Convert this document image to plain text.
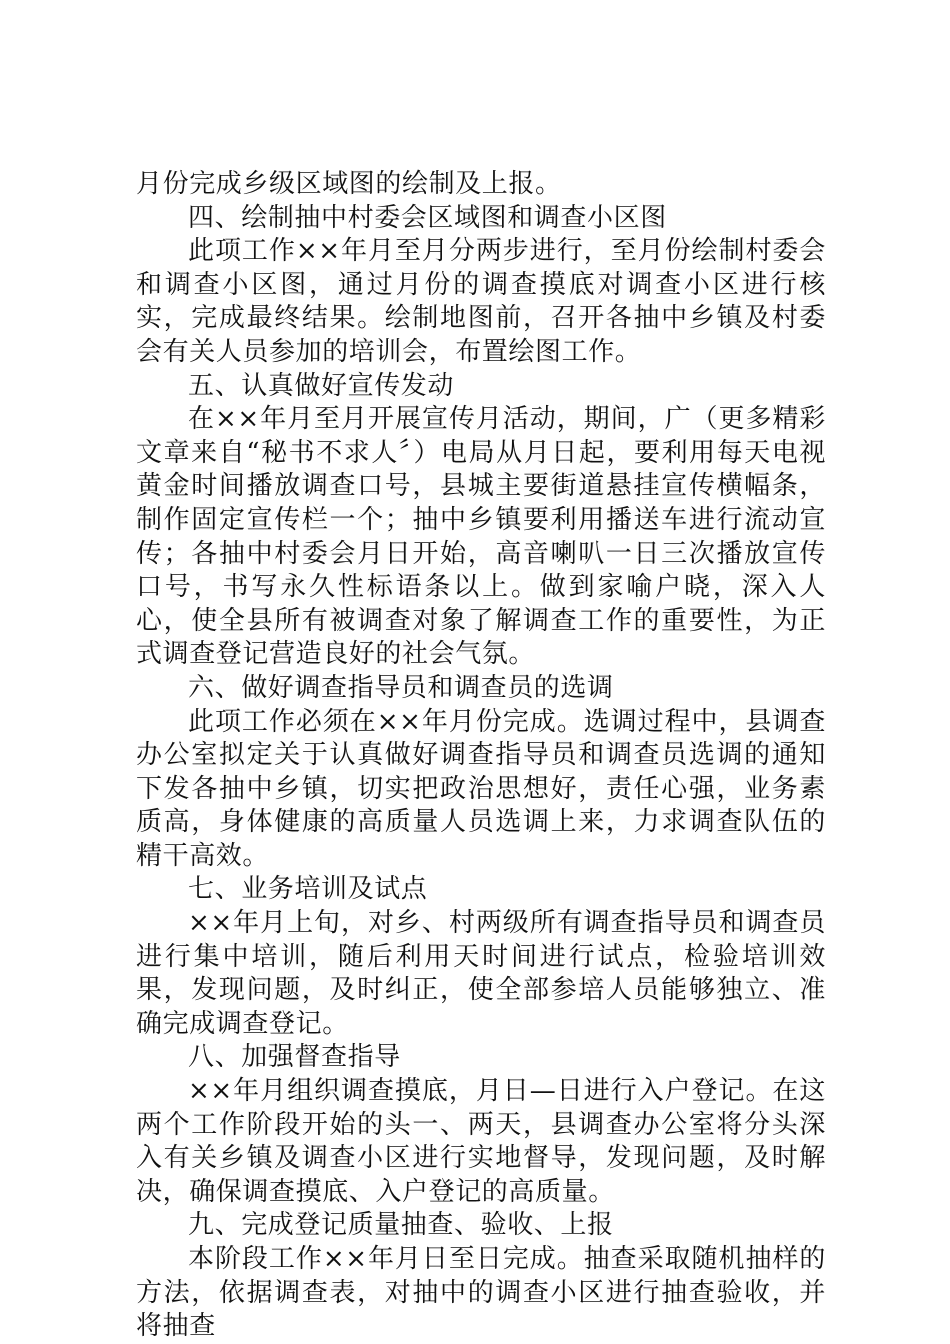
月份完成乡级区域图的绘制及上报。

四、绘制抽中村委会区域图和调查小区图

此项工作××年月至月分两步进行，至月份绘制村委会和调查小区图，通过月份的调查摸底对调查小区进行核实，完成最终结果。绘制地图前，召开各抽中乡镇及村委会有关人员参加的培训会，布置绘图工作。

五、认真做好宣传发动

在××年月至月开展宣传月活动，期间，广（更多精彩文章来自“秘书不求人〞）电局从月日起，要利用每天电视黄金时间播放调查口号，县城主要街道悬挂宣传横幅条，制作固定宣传栏一个；抽中乡镇要利用播送车进行流动宣传；各抽中村委会月日开始，高音喇叭一日三次播放宣传口号，书写永久性标语条以上。做到家喻户晓，深入人心，使全县所有被调查对象了解调查工作的重要性，为正式调查登记营造良好的社会气氛。

六、做好调查指导员和调查员的选调

此项工作必须在××年月份完成。选调过程中，县调查办公室拟定关于认真做好调查指导员和调查员选调的通知下发各抽中乡镇，切实把政治思想好，责任心强，业务素质高，身体健康的高质量人员选调上来，力求调查队伍的精干高效。

七、业务培训及试点

××年月上旬，对乡、村两级所有调查指导员和调查员进行集中培训，随后利用天时间进行试点，检验培训效果，发现问题，及时纠正，使全部参培人员能够独立、准确完成调查登记。

八、加强督查指导

××年月组织调查摸底，月日—日进行入户登记。在这两个工作阶段开始的头一、两天，县调查办公室将分头深入有关乡镇及调查小区进行实地督导，发现问题，及时解决，确保调查摸底、入户登记的高质量。

九、完成登记质量抽查、验收、上报

本阶段工作××年月日至日完成。抽查采取随机抽样的方法，依据调查表，对抽中的调查小区进行抽查验收，并将抽查
